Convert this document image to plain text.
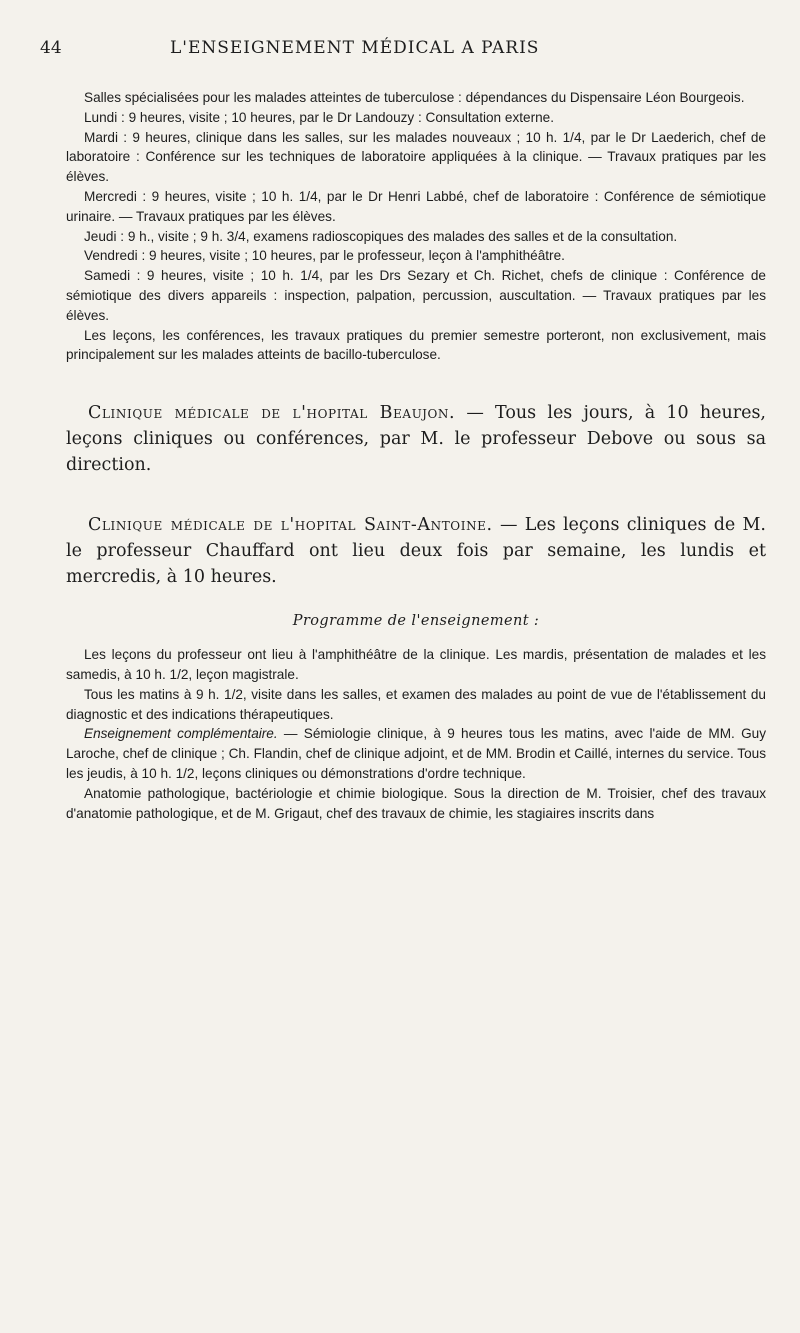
44	L'ENSEIGNEMENT MÉDICAL A PARIS

Salles spécialisées pour les malades atteintes de tuberculose : dépendances du Dispensaire Léon Bourgeois.

Lundi : 9 heures, visite ; 10 heures, par le Dr Landouzy : Consultation externe.

Mardi : 9 heures, clinique dans les salles, sur les malades nouveaux ; 10 h. 1/4, par le Dr Laederich, chef de laboratoire : Conférence sur les techniques de laboratoire appliquées à la clinique. — Travaux pratiques par les élèves.

Mercredi : 9 heures, visite ; 10 h. 1/4, par le Dr Henri Labbé, chef de laboratoire : Conférence de sémiotique urinaire. — Travaux pratiques par les élèves.

Jeudi : 9 h., visite ; 9 h. 3/4, examens radioscopiques des malades des salles et de la consultation.

Vendredi : 9 heures, visite ; 10 heures, par le professeur, leçon à l'amphithéâtre.

Samedi : 9 heures, visite ; 10 h. 1/4, par les Drs Sezary et Ch. Richet, chefs de clinique : Conférence de sémiotique des divers appareils : inspection, palpation, percussion, auscultation. — Travaux pratiques par les élèves.

Les leçons, les conférences, les travaux pratiques du premier semestre porteront, non exclusivement, mais principalement sur les malades atteints de bacillo-tuberculose.

Clinique médicale de l'hopital Beaujon. — Tous les jours, à 10 heures, leçons cliniques ou conférences, par M. le professeur Debove ou sous sa direction.

Clinique médicale de l'hopital Saint-Antoine. — Les leçons cliniques de M. le professeur Chauffard ont lieu deux fois par semaine, les lundis et mercredis, à 10 heures.

Programme de l'enseignement :

Les leçons du professeur ont lieu à l'amphithéâtre de la clinique. Les mardis, présentation de malades et les samedis, à 10 h. 1/2, leçon magistrale.

Tous les matins à 9 h. 1/2, visite dans les salles, et examen des malades au point de vue de l'établissement du diagnostic et des indications thérapeutiques.

Enseignement complémentaire. — Sémiologie clinique, à 9 heures tous les matins, avec l'aide de MM. Guy Laroche, chef de clinique ; Ch. Flandin, chef de clinique adjoint, et de MM. Brodin et Caillé, internes du service. Tous les jeudis, à 10 h. 1/2, leçons cliniques ou démonstrations d'ordre technique.

Anatomie pathologique, bactériologie et chimie biologique. Sous la direction de M. Troisier, chef des travaux d'anatomie pathologique, et de M. Grigaut, chef des travaux de chimie, les stagiaires inscrits dans
